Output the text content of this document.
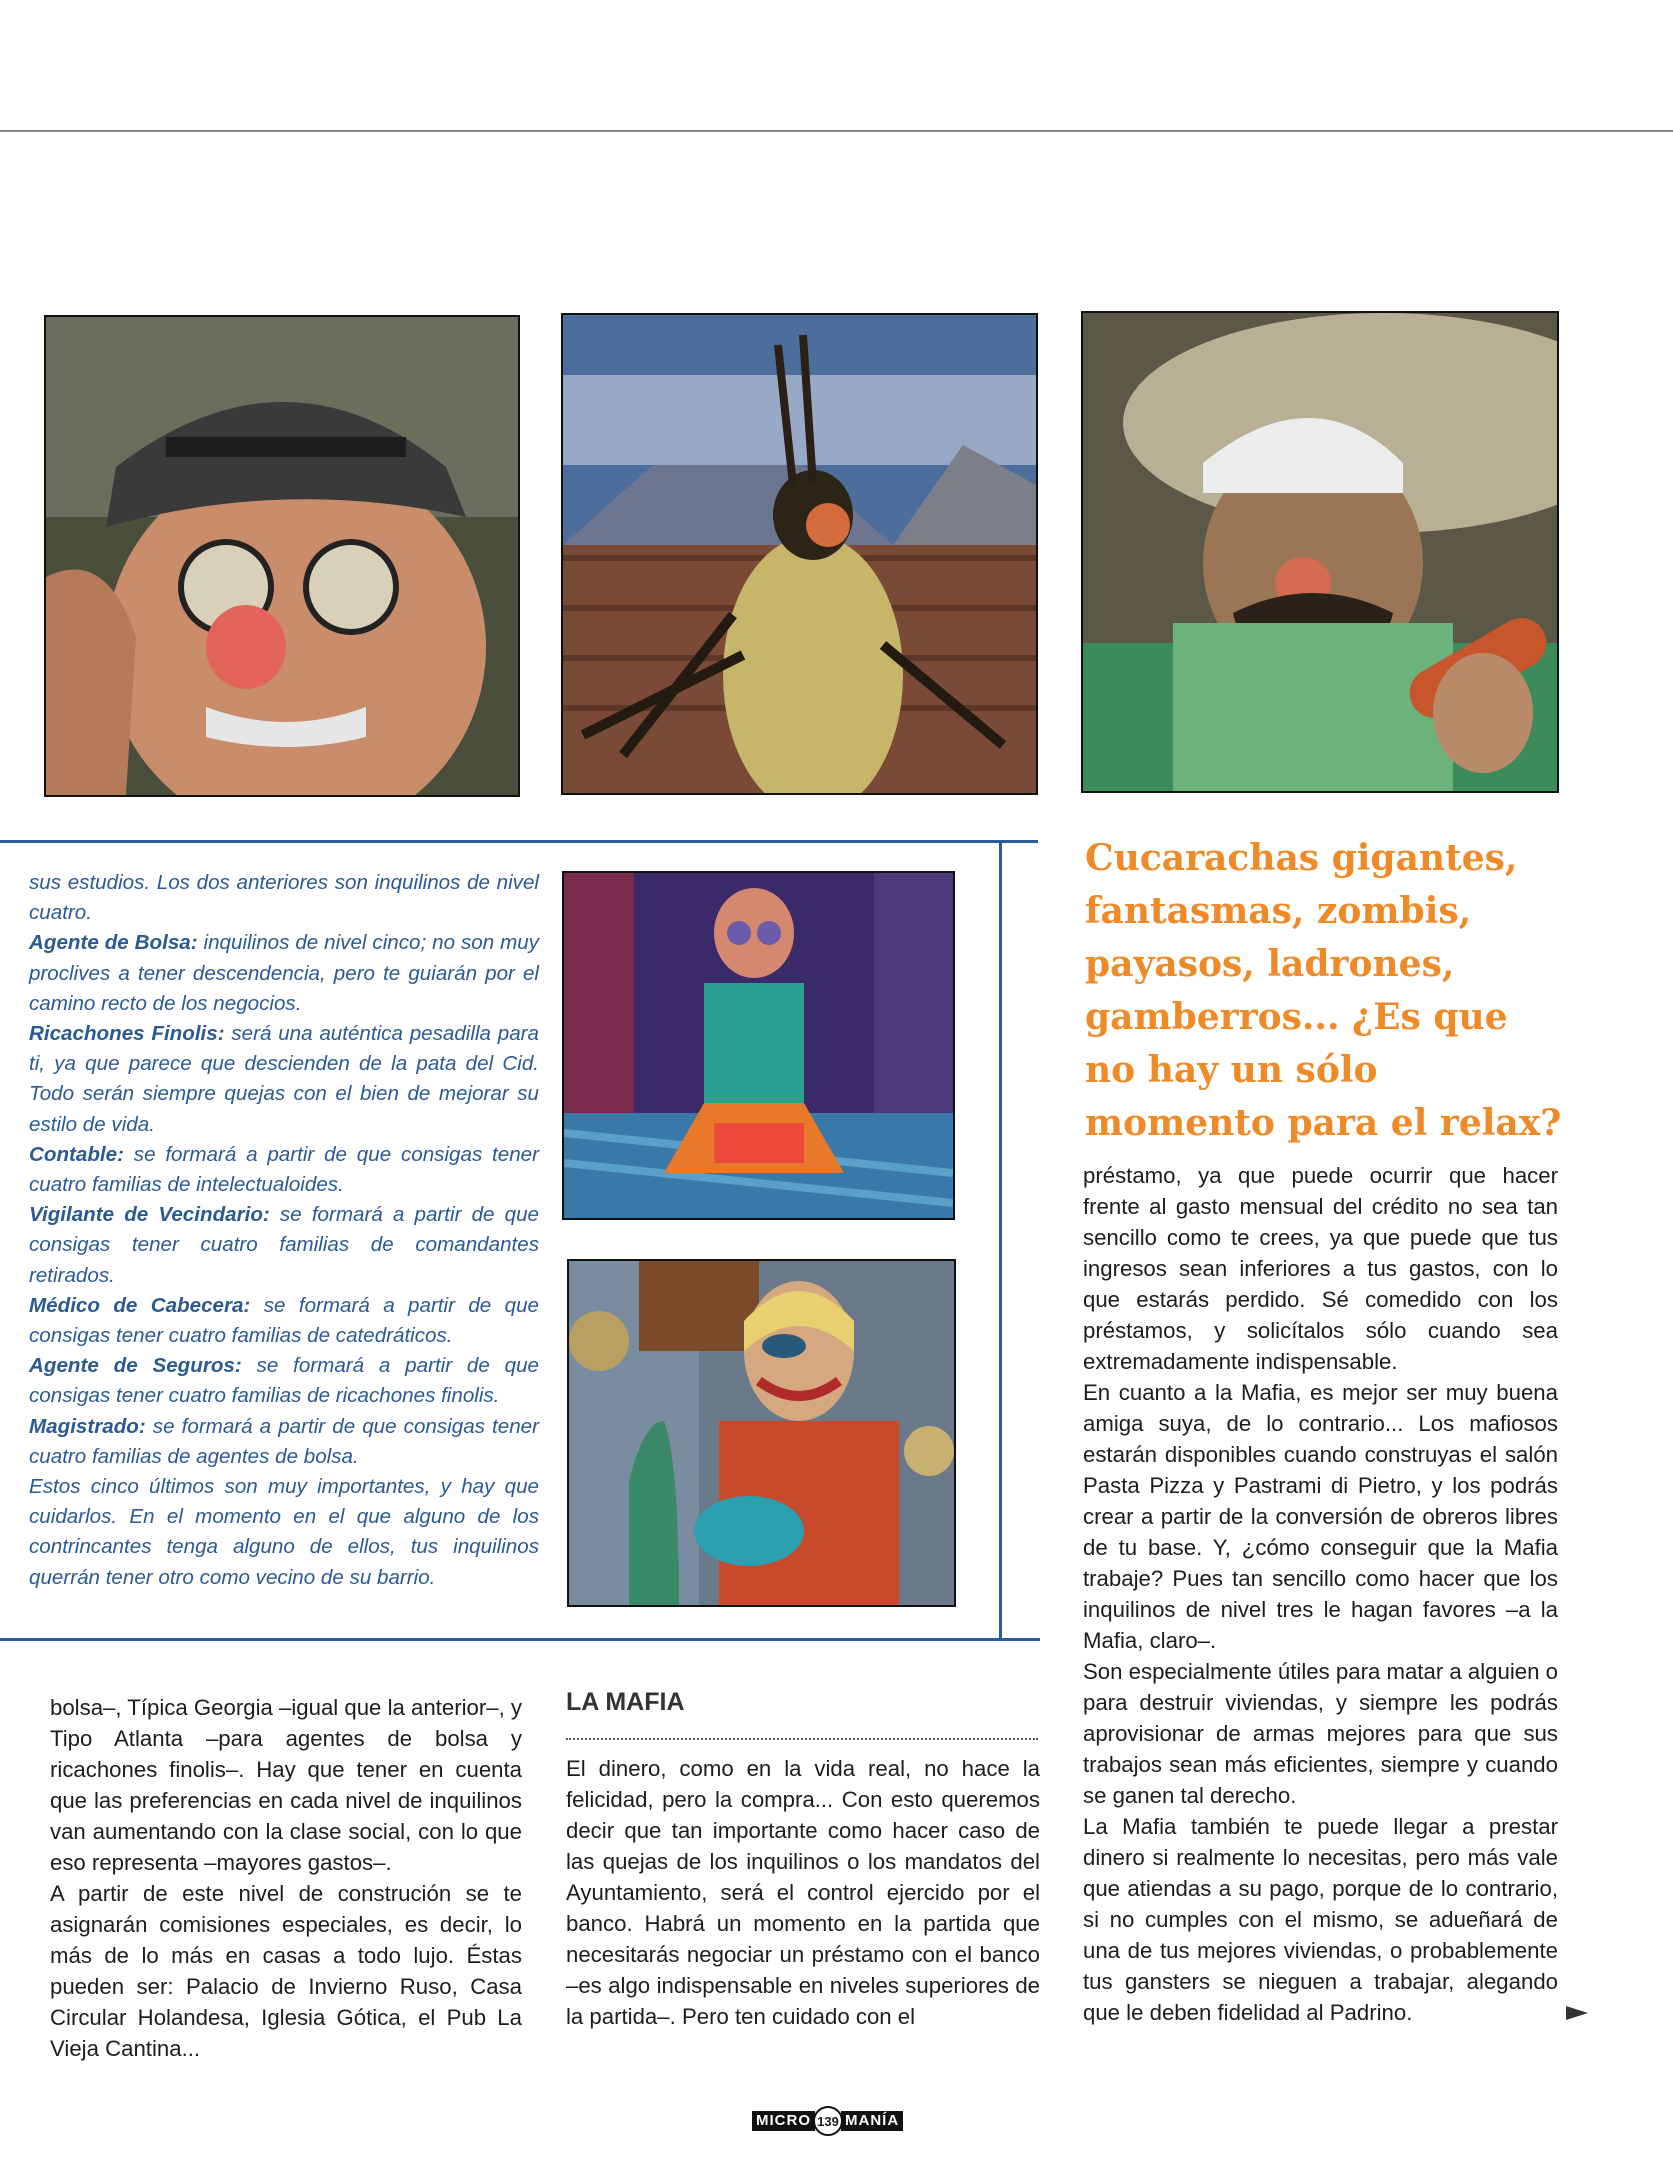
sus estudios. Los dos anteriores son inquilinos de nivel cuatro.

Agente de Bolsa: inquilinos de nivel cinco; no son muy proclives a tener descendencia, pero te guiarán por el camino recto de los negocios.

Ricachones Finolis: será una auténtica pesadilla para ti, ya que parece que descienden de la pata del Cid. Todo serán siempre quejas con el bien de mejorar su estilo de vida.

Contable: se formará a partir de que consigas tener cuatro familias de intelectualoides.

Vigilante de Vecindario: se formará a partir de que consigas tener cuatro familias de comandantes retirados.

Médico de Cabecera: se formará a partir de que consigas tener cuatro familias de catedráticos.

Agente de Seguros: se formará a partir de que consigas tener cuatro familias de ricachones finolis.

Magistrado: se formará a partir de que consigas tener cuatro familias de agentes de bolsa.

Estos cinco últimos son muy importantes, y hay que cuidarlos. En el momento en el que alguno de los contrincantes tenga alguno de ellos, tus inquilinos querrán tener otro como vecino de su barrio.

Cucarachas gigantes,

fantasmas, zombis,

payasos, ladrones,

gamberros... ¿Es que

no hay un sólo

momento para el relax?

bolsa–, Típica Georgia –igual que la anterior–, y Tipo Atlanta –para agentes de bolsa y ricachones finolis–. Hay que tener en cuenta que las preferencias en cada nivel de inquilinos van aumentando con la clase social, con lo que eso representa –mayores gastos–.

A partir de este nivel de construción se te asignarán comisiones especiales, es decir, lo más de lo más en casas a todo lujo. Éstas pueden ser: Palacio de Invierno Ruso, Casa Circular Holandesa, Iglesia Gótica, el Pub La Vieja Cantina...

LA MAFIA

El dinero, como en la vida real, no hace la felicidad, pero la compra... Con esto queremos decir que tan importante como hacer caso de las quejas de los inquilinos o los mandatos del Ayuntamiento, será el control ejercido por el banco. Habrá un momento en la partida que necesitarás negociar un préstamo con el banco –es algo indispensable en niveles superiores de la partida–. Pero ten cuidado con el

préstamo, ya que puede ocurrir que hacer frente al gasto mensual del crédito no sea tan sencillo como te crees, ya que puede que tus ingresos sean inferiores a tus gastos, con lo que estarás perdido. Sé comedido con los préstamos, y solicítalos sólo cuando sea extremadamente indispensable.

En cuanto a la Mafia, es mejor ser muy buena amiga suya, de lo contrario... Los mafiosos estarán disponibles cuando construyas el salón Pasta Pizza y Pastrami di Pietro, y los podrás crear a partir de la conversión de obreros libres de tu base. Y, ¿cómo conseguir que la Mafia trabaje? Pues tan sencillo como hacer que los inquilinos de nivel tres le hagan favores –a la Mafia, claro–.

Son especialmente útiles para matar a alguien o para destruir viviendas, y siempre les podrás aprovisionar de armas mejores para que sus trabajos sean más eficientes, siempre y cuando se ganen tal derecho.

La Mafia también te puede llegar a prestar dinero si realmente lo necesitas, pero más vale que atiendas a su pago, porque de lo contrario, si no cumples con el mismo, se adueñará de una de tus mejores viviendas, o probablemente tus gansters se nieguen a trabajar, alegando que le deben fidelidad al Padrino.

MICRO 139 MANÍA
